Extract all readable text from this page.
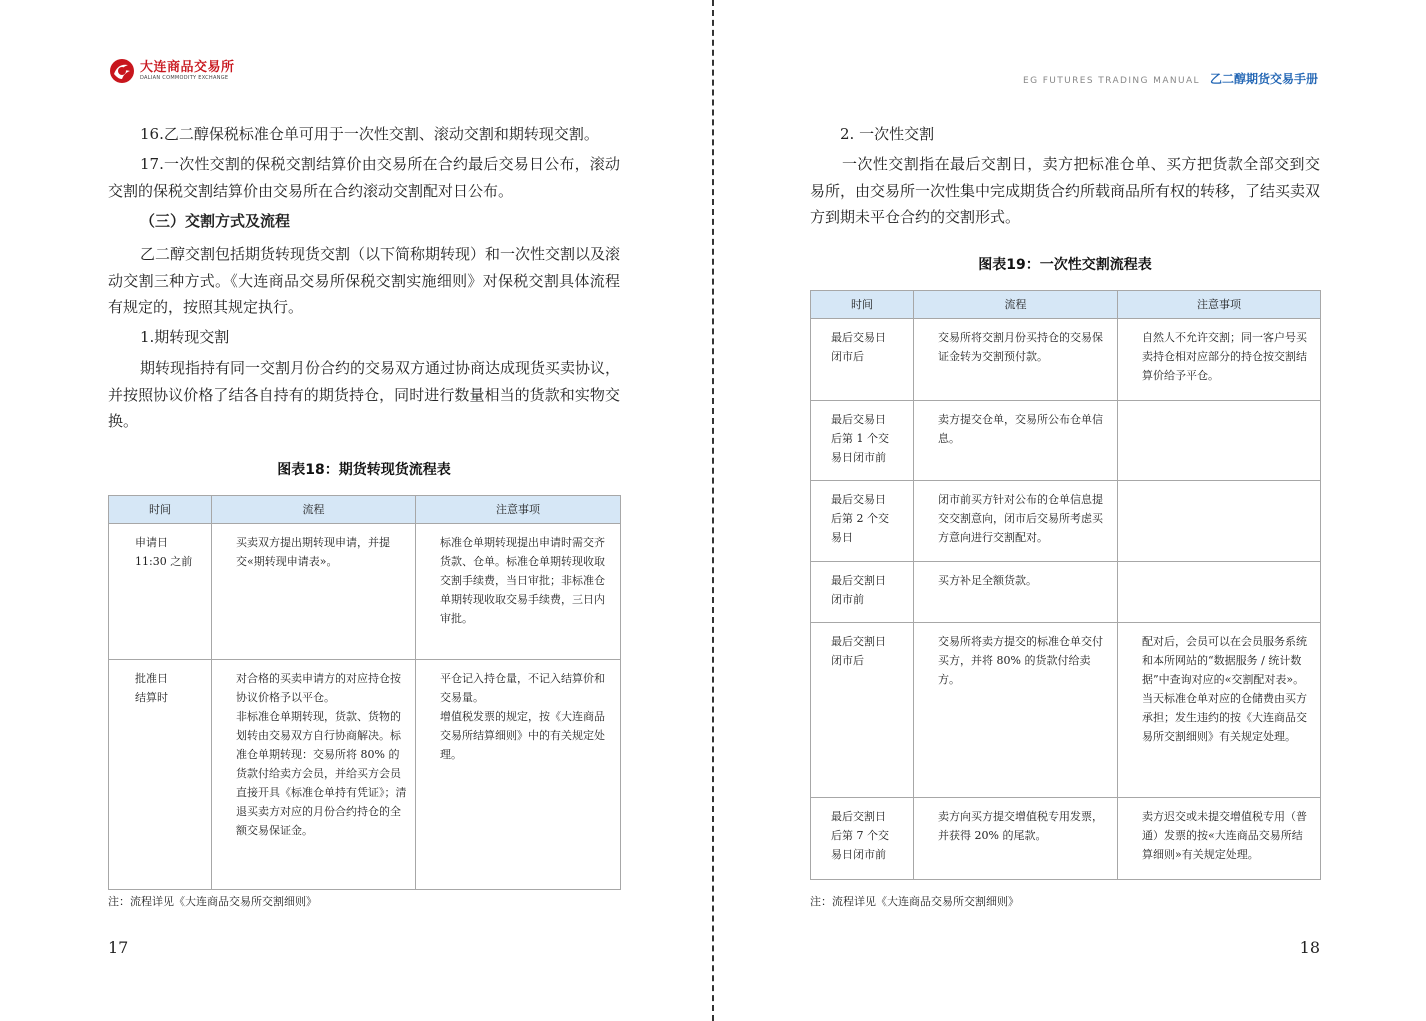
大连商品交易所
DALIAN COMMODITY EXCHANGE
16.乙二醇保税标准仓单可用于一次性交割、滚动交割和期转现交割。
17.一次性交割的保税交割结算价由交易所在合约最后交易日公布，滚动交割的保税交割结算价由交易所在合约滚动交割配对日公布。
（三）交割方式及流程
乙二醇交割包括期货转现货交割（以下简称期转现）和一次性交割以及滚动交割三种方式。《大连商品交易所保税交割实施细则》对保税交割具体流程有规定的，按照其规定执行。
1.期转现交割
期转现指持有同一交割月份合约的交易双方通过协商达成现货买卖协议，并按照协议价格了结各自持有的期货持仓，同时进行数量相当的货款和实物交换。
图表18：期货转现货流程表
时间	流程	注意事项
申请日
11:30 之前	买卖双方提出期转现申请，并提交«期转现申请表»。	标准仓单期转现提出申请时需交齐货款、仓单。标准仓单期转现收取交割手续费，当日审批；非标准仓单期转现收取交易手续费，三日内审批。
批准日
结算时	对合格的买卖申请方的对应持仓按协议价格予以平仓。
非标准仓单期转现，货款、货物的划转由交易双方自行协商解决。标准仓单期转现：交易所将 80% 的货款付给卖方会员，并给买方会员直接开具《标准仓单持有凭证》；清退买卖方对应的月份合约持仓的全额交易保证金。	平仓记入持仓量，不记入结算价和交易量。
增值税发票的规定，按《大连商品交易所结算细则》中的有关规定处理。
注：流程详见《大连商品交易所交割细则》
17
EG FUTURES TRADING MANUAL 乙二醇期货交易手册
2. 一次性交割
一次性交割指在最后交割日，卖方把标准仓单、买方把货款全部交到交易所，由交易所一次性集中完成期货合约所载商品所有权的转移，了结买卖双方到期未平仓合约的交割形式。
图表19：一次性交割流程表
时间	流程	注意事项
最后交易日
闭市后	交易所将交割月份买持仓的交易保证金转为交割预付款。	自然人不允许交割；同一客户号买卖持仓相对应部分的持仓按交割结算价给予平仓。
最后交易日
后第 1 个交
易日闭市前	卖方提交仓单，交易所公布仓单信息。	
最后交易日
后第 2 个交
易日	闭市前买方针对公布的仓单信息提交交割意向，闭市后交易所考虑买方意向进行交割配对。	
最后交割日
闭市前	买方补足全额货款。	
最后交割日
闭市后	交易所将卖方提交的标准仓单交付买方，并将 80% 的货款付给卖方。	配对后，会员可以在会员服务系统和本所网站的“数据服务 / 统计数据”中查询对应的«交割配对表»。
当天标准仓单对应的仓储费由买方承担；发生违约的按《大连商品交易所交割细则》有关规定处理。
最后交割日
后第 7 个交
易日闭市前	卖方向买方提交增值税专用发票，并获得 20% 的尾款。	卖方迟交或未提交增值税专用（普通）发票的按«大连商品交易所结算细则»有关规定处理。
注：流程详见《大连商品交易所交割细则》
18
